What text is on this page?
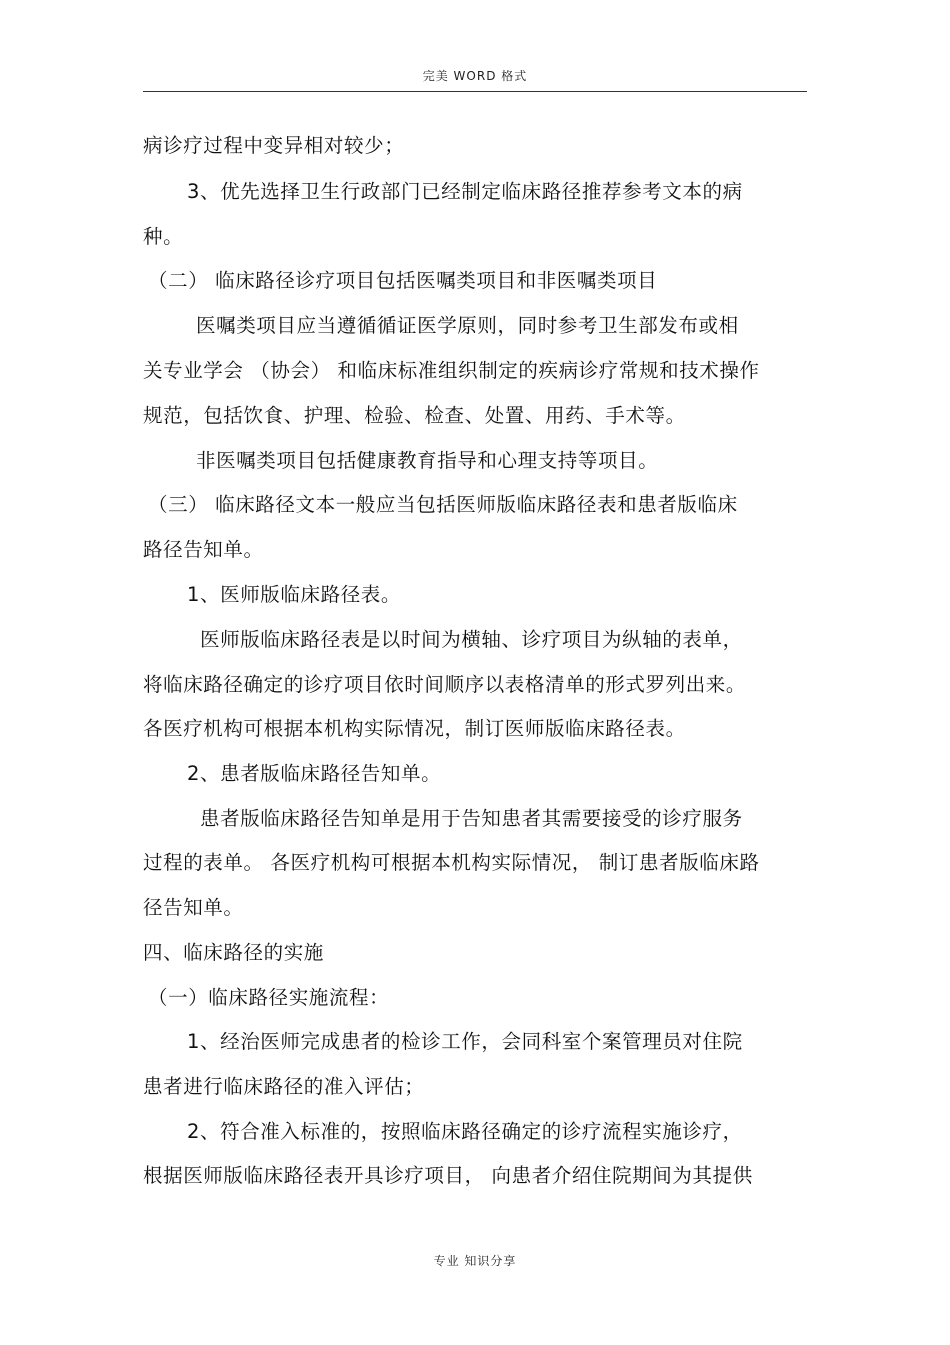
完美 WORD 格式
病诊疗过程中变异相对较少；
3、优先选择卫生行政部门已经制定临床路径推荐参考文本的病
种。
（二） 临床路径诊疗项目包括医嘱类项目和非医嘱类项目
医嘱类项目应当遵循循证医学原则，同时参考卫生部发布或相
关专业学会 （协会） 和临床标准组织制定的疾病诊疗常规和技术操作
规范，包括饮食、护理、检验、检查、处置、用药、手术等。
非医嘱类项目包括健康教育指导和心理支持等项目。
（三） 临床路径文本一般应当包括医师版临床路径表和患者版临床
路径告知单。
1、医师版临床路径表。
医师版临床路径表是以时间为横轴、诊疗项目为纵轴的表单，
将临床路径确定的诊疗项目依时间顺序以表格清单的形式罗列出来。
各医疗机构可根据本机构实际情况，制订医师版临床路径表。
2、患者版临床路径告知单。
患者版临床路径告知单是用于告知患者其需要接受的诊疗服务
过程的表单。 各医疗机构可根据本机构实际情况， 制订患者版临床路
径告知单。
四、临床路径的实施
（一）临床路径实施流程：
1、经治医师完成患者的检诊工作，会同科室个案管理员对住院
患者进行临床路径的准入评估；
2、符合准入标准的，按照临床路径确定的诊疗流程实施诊疗，
根据医师版临床路径表开具诊疗项目， 向患者介绍住院期间为其提供
专业 知识分享
